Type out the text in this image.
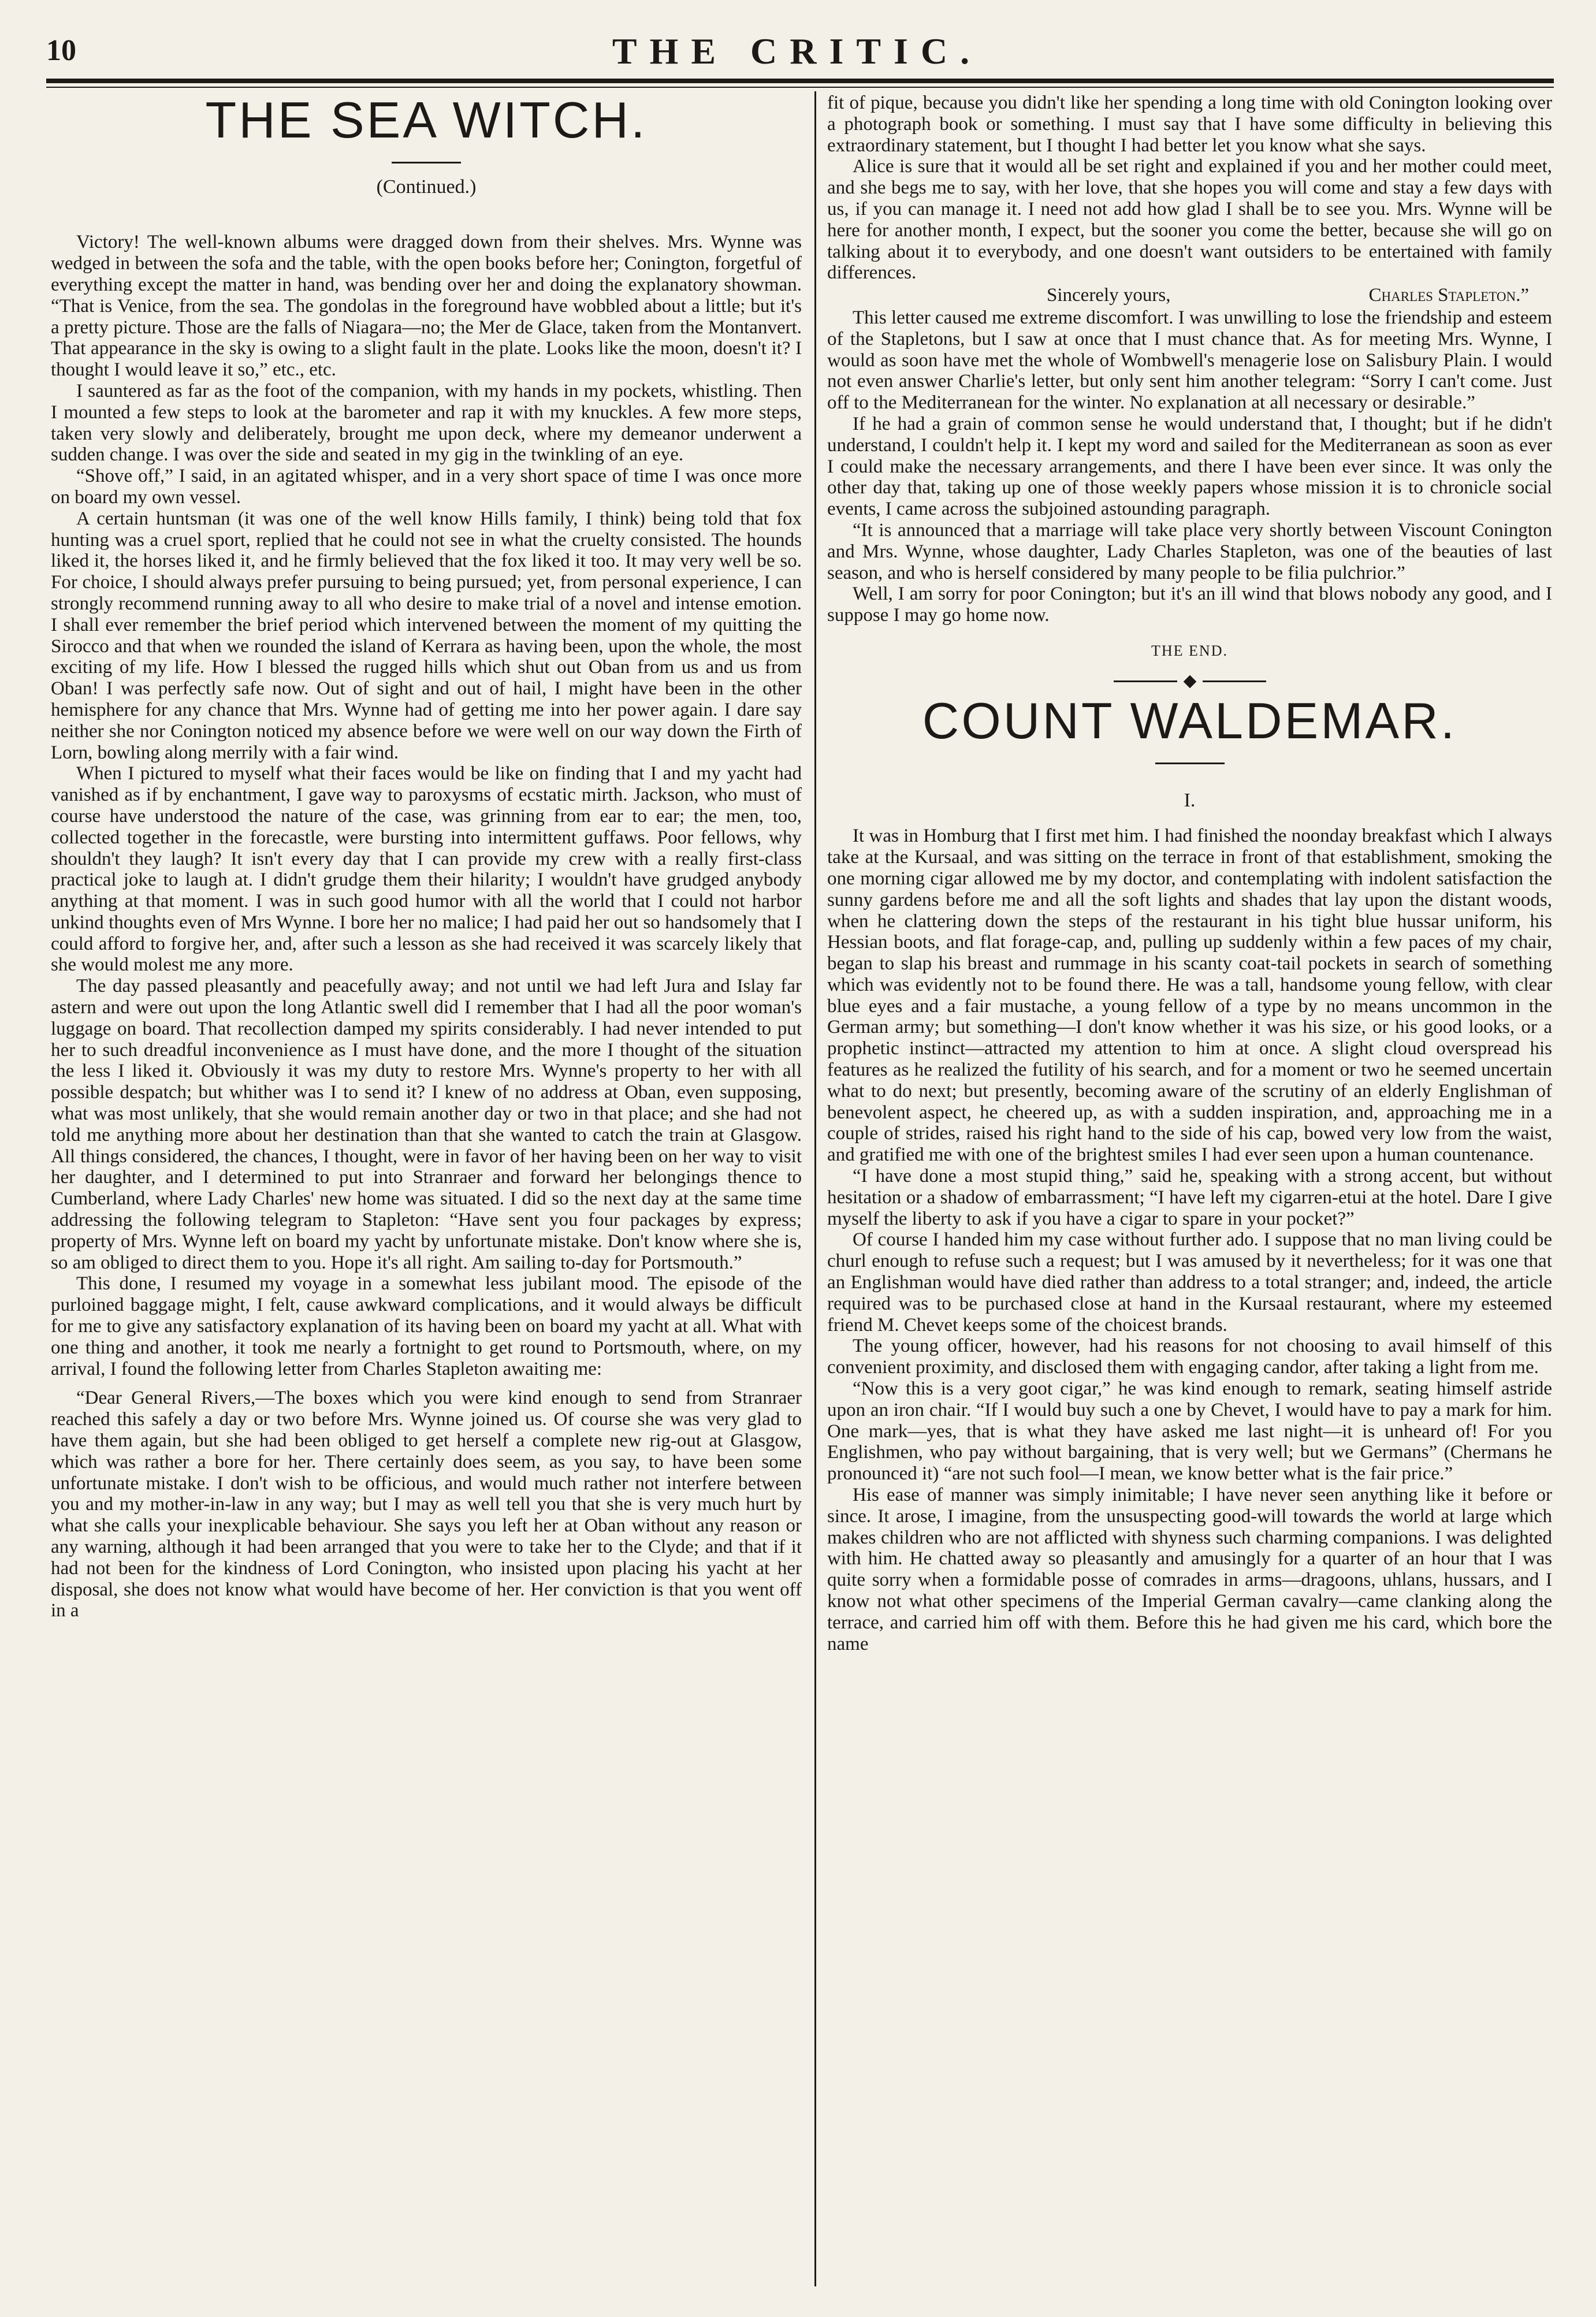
10	THE CRITIC.
THE SEA WITCH.
(Continued.)

Victory! The well-known albums were dragged down from their shelves. Mrs. Wynne was wedged in between the sofa and the table, with the open books before her; Conington, forgetful of everything except the matter in hand, was bending over her and doing the explanatory showman. “That is Venice, from the sea. The gondolas in the foreground have wobbled about a little; but it's a pretty picture. Those are the falls of Niagara—no; the Mer de Glace, taken from the Montanvert. That appearance in the sky is owing to a slight fault in the plate. Looks like the moon, doesn't it? I thought I would leave it so,” etc., etc.

I sauntered as far as the foot of the companion, with my hands in my pockets, whistling. Then I mounted a few steps to look at the barometer and rap it with my knuckles. A few more steps, taken very slowly and deliberately, brought me upon deck, where my demeanor underwent a sudden change. I was over the side and seated in my gig in the twinkling of an eye.

“Shove off,” I said, in an agitated whisper, and in a very short space of time I was once more on board my own vessel.

A certain huntsman (it was one of the well know Hills family, I think) being told that fox hunting was a cruel sport, replied that he could not see in what the cruelty consisted. The hounds liked it, the horses liked it, and he firmly believed that the fox liked it too. It may very well be so. For choice, I should always prefer pursuing to being pursued; yet, from personal experience, I can strongly recommend running away to all who desire to make trial of a novel and intense emotion. I shall ever remember the brief period which intervened between the moment of my quitting the Sirocco and that when we rounded the island of Kerrara as having been, upon the whole, the most exciting of my life. How I blessed the rugged hills which shut out Oban from us and us from Oban! I was perfectly safe now. Out of sight and out of hail, I might have been in the other hemisphere for any chance that Mrs. Wynne had of getting me into her power again. I dare say neither she nor Conington noticed my absence before we were well on our way down the Firth of Lorn, bowling along merrily with a fair wind.

When I pictured to myself what their faces would be like on finding that I and my yacht had vanished as if by enchantment, I gave way to paroxysms of ecstatic mirth. Jackson, who must of course have understood the nature of the case, was grinning from ear to ear; the men, too, collected together in the forecastle, were bursting into intermittent guffaws. Poor fellows, why shouldn't they laugh? It isn't every day that I can provide my crew with a really first-class practical joke to laugh at. I didn't grudge them their hilarity; I wouldn't have grudged anybody anything at that moment. I was in such good humor with all the world that I could not harbor unkind thoughts even of Mrs Wynne. I bore her no malice; I had paid her out so handsomely that I could afford to forgive her, and, after such a lesson as she had received it was scarcely likely that she would molest me any more.

The day passed pleasantly and peacefully away; and not until we had left Jura and Islay far astern and were out upon the long Atlantic swell did I remember that I had all the poor woman's luggage on board. That recollection damped my spirits considerably. I had never intended to put her to such dreadful inconvenience as I must have done, and the more I thought of the situation the less I liked it. Obviously it was my duty to restore Mrs. Wynne's property to her with all possible despatch; but whither was I to send it? I knew of no address at Oban, even supposing, what was most unlikely, that she would remain another day or two in that place; and she had not told me anything more about her destination than that she wanted to catch the train at Glasgow. All things considered, the chances, I thought, were in favor of her having been on her way to visit her daughter, and I determined to put into Stranraer and forward her belongings thence to Cumberland, where Lady Charles' new home was situated. I did so the next day at the same time addressing the following telegram to Stapleton: “Have sent you four packages by express; property of Mrs. Wynne left on board my yacht by unfortunate mistake. Don't know where she is, so am obliged to direct them to you. Hope it's all right. Am sailing to-day for Portsmouth.”

This done, I resumed my voyage in a somewhat less jubilant mood. The episode of the purloined baggage might, I felt, cause awkward complications, and it would always be difficult for me to give any satisfactory explanation of its having been on board my yacht at all. What with one thing and another, it took me nearly a fortnight to get round to Portsmouth, where, on my arrival, I found the following letter from Charles Stapleton awaiting me:

“Dear General Rivers,—The boxes which you were kind enough to send from Stranraer reached this safely a day or two before Mrs. Wynne joined us. Of course she was very glad to have them again, but she had been obliged to get herself a complete new rig-out at Glasgow, which was rather a bore for her. There certainly does seem, as you say, to have been some unfortunate mistake. I don't wish to be officious, and would much rather not interfere between you and my mother-in-law in any way; but I may as well tell you that she is very much hurt by what she calls your inexplicable behaviour. She says you left her at Oban without any reason or any warning, although it had been arranged that you were to take her to the Clyde; and that if it had not been for the kindness of Lord Conington, who insisted upon placing his yacht at her disposal, she does not know what would have become of her. Her conviction is that you went off in a

fit of pique, because you didn't like her spending a long time with old Conington looking over a photograph book or something. I must say that I have some difficulty in believing this extraordinary statement, but I thought I had better let you know what she says.

Alice is sure that it would all be set right and explained if you and her mother could meet, and she begs me to say, with her love, that she hopes you will come and stay a few days with us, if you can manage it. I need not add how glad I shall be to see you. Mrs. Wynne will be here for another month, I expect, but the sooner you come the better, because she will go on talking about it to everybody, and one doesn't want outsiders to be entertained with family differences.

Sincerely yours,	Charles Stapleton.”

This letter caused me extreme discomfort. I was unwilling to lose the friendship and esteem of the Stapletons, but I saw at once that I must chance that. As for meeting Mrs. Wynne, I would as soon have met the whole of Wombwell's menagerie lose on Salisbury Plain. I would not even answer Charlie's letter, but only sent him another telegram: “Sorry I can't come. Just off to the Mediterranean for the winter. No explanation at all necessary or desirable.”

If he had a grain of common sense he would understand that, I thought; but if he didn't understand, I couldn't help it. I kept my word and sailed for the Mediterranean as soon as ever I could make the necessary arrangements, and there I have been ever since. It was only the other day that, taking up one of those weekly papers whose mission it is to chronicle social events, I came across the subjoined astounding paragraph.

“It is announced that a marriage will take place very shortly between Viscount Conington and Mrs. Wynne, whose daughter, Lady Charles Stapleton, was one of the beauties of last season, and who is herself considered by many people to be filia pulchrior.”

Well, I am sorry for poor Conington; but it's an ill wind that blows nobody any good, and I suppose I may go home now.

THE END.
COUNT WALDEMAR.
I.

It was in Homburg that I first met him. I had finished the noonday breakfast which I always take at the Kursaal, and was sitting on the terrace in front of that establishment, smoking the one morning cigar allowed me by my doctor, and contemplating with indolent satisfaction the sunny gardens before me and all the soft lights and shades that lay upon the distant woods, when he clattering down the steps of the restaurant in his tight blue hussar uniform, his Hessian boots, and flat forage-cap, and, pulling up suddenly within a few paces of my chair, began to slap his breast and rummage in his scanty coat-tail pockets in search of something which was evidently not to be found there. He was a tall, handsome young fellow, with clear blue eyes and a fair mustache, a young fellow of a type by no means uncommon in the German army; but something—I don't know whether it was his size, or his good looks, or a prophetic instinct—attracted my attention to him at once. A slight cloud overspread his features as he realized the futility of his search, and for a moment or two he seemed uncertain what to do next; but presently, becoming aware of the scrutiny of an elderly Englishman of benevolent aspect, he cheered up, as with a sudden inspiration, and, approaching me in a couple of strides, raised his right hand to the side of his cap, bowed very low from the waist, and gratified me with one of the brightest smiles I had ever seen upon a human countenance.

“I have done a most stupid thing,” said he, speaking with a strong accent, but without hesitation or a shadow of embarrassment; “I have left my cigarren-etui at the hotel. Dare I give myself the liberty to ask if you have a cigar to spare in your pocket?”

Of course I handed him my case without further ado. I suppose that no man living could be churl enough to refuse such a request; but I was amused by it nevertheless; for it was one that an Englishman would have died rather than address to a total stranger; and, indeed, the article required was to be purchased close at hand in the Kursaal restaurant, where my esteemed friend M. Chevet keeps some of the choicest brands.

The young officer, however, had his reasons for not choosing to avail himself of this convenient proximity, and disclosed them with engaging candor, after taking a light from me.

“Now this is a very goot cigar,” he was kind enough to remark, seating himself astride upon an iron chair. “If I would buy such a one by Chevet, I would have to pay a mark for him. One mark—yes, that is what they have asked me last night—it is unheard of! For you Englishmen, who pay without bargaining, that is very well; but we Germans” (Chermans he pronounced it) “are not such fool—I mean, we know better what is the fair price.”

His ease of manner was simply inimitable; I have never seen anything like it before or since. It arose, I imagine, from the unsuspecting good-will towards the world at large which makes children who are not afflicted with shyness such charming companions. I was delighted with him. He chatted away so pleasantly and amusingly for a quarter of an hour that I was quite sorry when a formidable posse of comrades in arms—dragoons, uhlans, hussars, and I know not what other specimens of the Imperial German cavalry—came clanking along the terrace, and carried him off with them. Before this he had given me his card, which bore the name
